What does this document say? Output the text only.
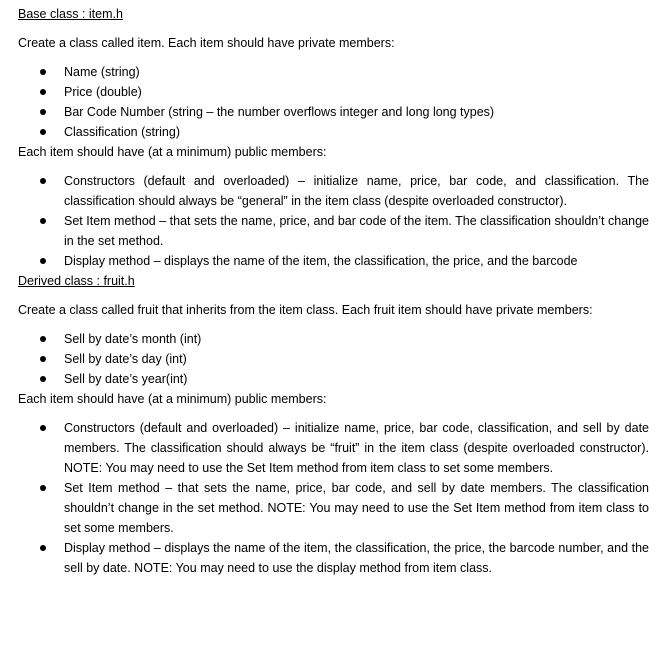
Base class : item.h

Create a class called item. Each item should have private members:

Name (string)
Price (double)
Bar Code Number (string – the number overflows integer and long long types)
Classification (string)

Each item should have (at a minimum) public members:

Constructors (default and overloaded) – initialize name, price, bar code, and classification. The classification should always be “general” in the item class (despite overloaded constructor).
Set Item method – that sets the name, price, and bar code of the item. The classification shouldn’t change in the set method.
Display method – displays the name of the item, the classification, the price, and the barcode

Derived class : fruit.h

Create a class called fruit that inherits from the item class. Each fruit item should have private members:

Sell by date’s month (int)
Sell by date’s day (int)
Sell by date’s year(int)

Each item should have (at a minimum) public members:

Constructors (default and overloaded) – initialize name, price, bar code, classification, and sell by date members. The classification should always be “fruit” in the item class (despite overloaded constructor). NOTE: You may need to use the Set Item method from item class to set some members.
Set Item method – that sets the name, price, bar code, and sell by date members. The classification shouldn’t change in the set method. NOTE: You may need to use the Set Item method from item class to set some members.
Display method – displays the name of the item, the classification, the price, the barcode number, and the sell by date. NOTE: You may need to use the display method from item class.
